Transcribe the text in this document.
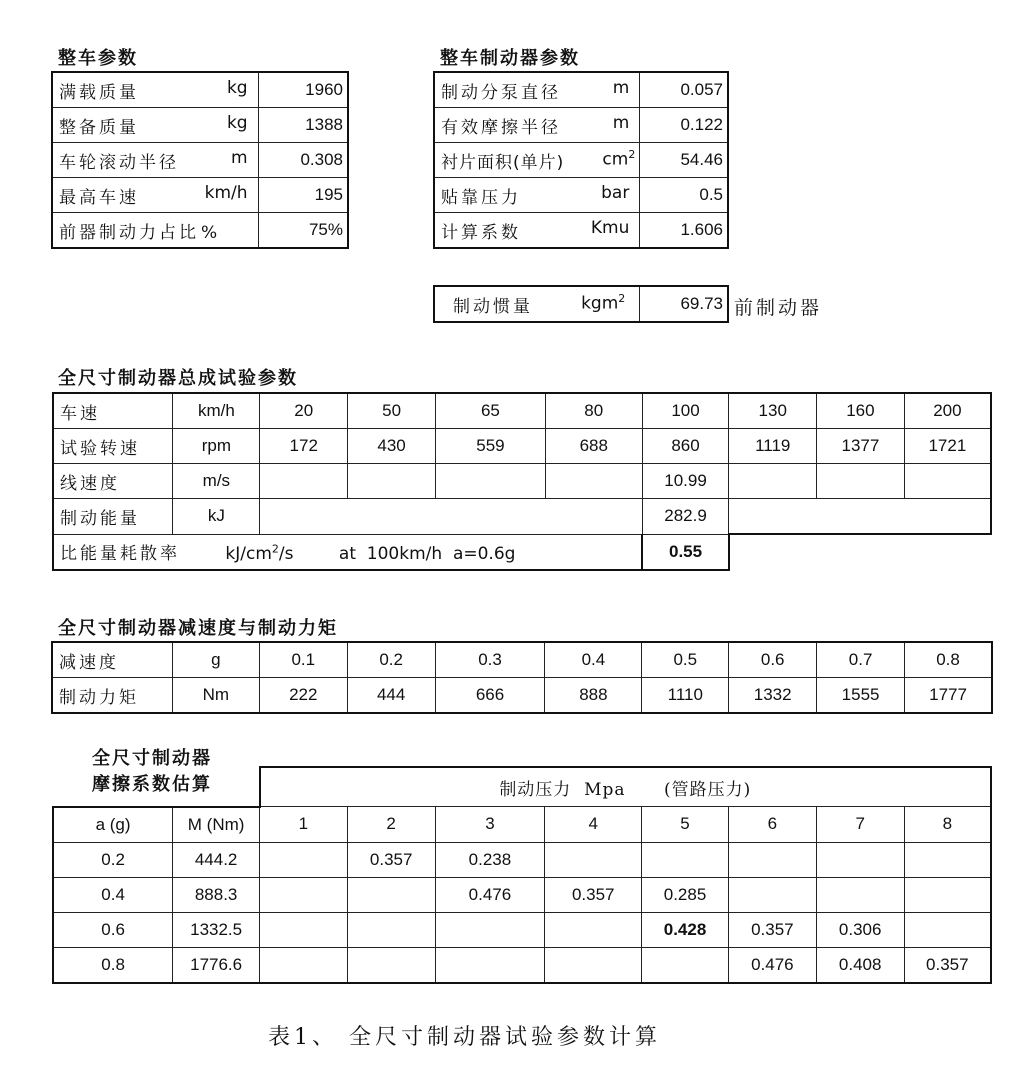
整车参数
满载质量 kg	1960
整备质量 kg	1388
车轮滚动半径 m	0.308
最高车速 km/h	195
前器制动力占比 %	75%
整车制动器参数
制动分泵直径 m	0.057
有效摩擦半径 m	0.122
衬片面积(单片) $cm^2$	54.46
贴靠压力 bar	0.5
计算系数 Kmu	1.606
制动惯量	kgm$^2$	69.73 前制动器
全尺寸制动器总成试验参数
车速	km/h	20	50	65	80	100	130	160	200
试验转速	rpm	172	430	559	688	860	1119	1377	1721
线速度	m/s					10.99			
制动能量	kJ					282.9			
比能量耗散率 $kJ/cm^2/s$ at  100km/h  a=0.6g						0.55			
全尺寸制动器减速度与制动力矩
减速度	g	0.1	0.2	0.3	0.4	0.5	0.6	0.7	0.8
制动力矩	Nm	222	444	666	888	1110	1332	1555	1777
全尺寸制动器
摩擦系数估算
		制动压力  Mpa      (管路压力)							
a (g)	M (Nm)	1	2	3	4	5	6	7	8
0.2	444.2		0.357	0.238					
0.4	888.3			0.476	0.357	0.285			
0.6	1332.5					0.428	0.357	0.306	
0.8	1776.6						0.476	0.408	0.357
表1、 全尺寸制动器试验参数计算
